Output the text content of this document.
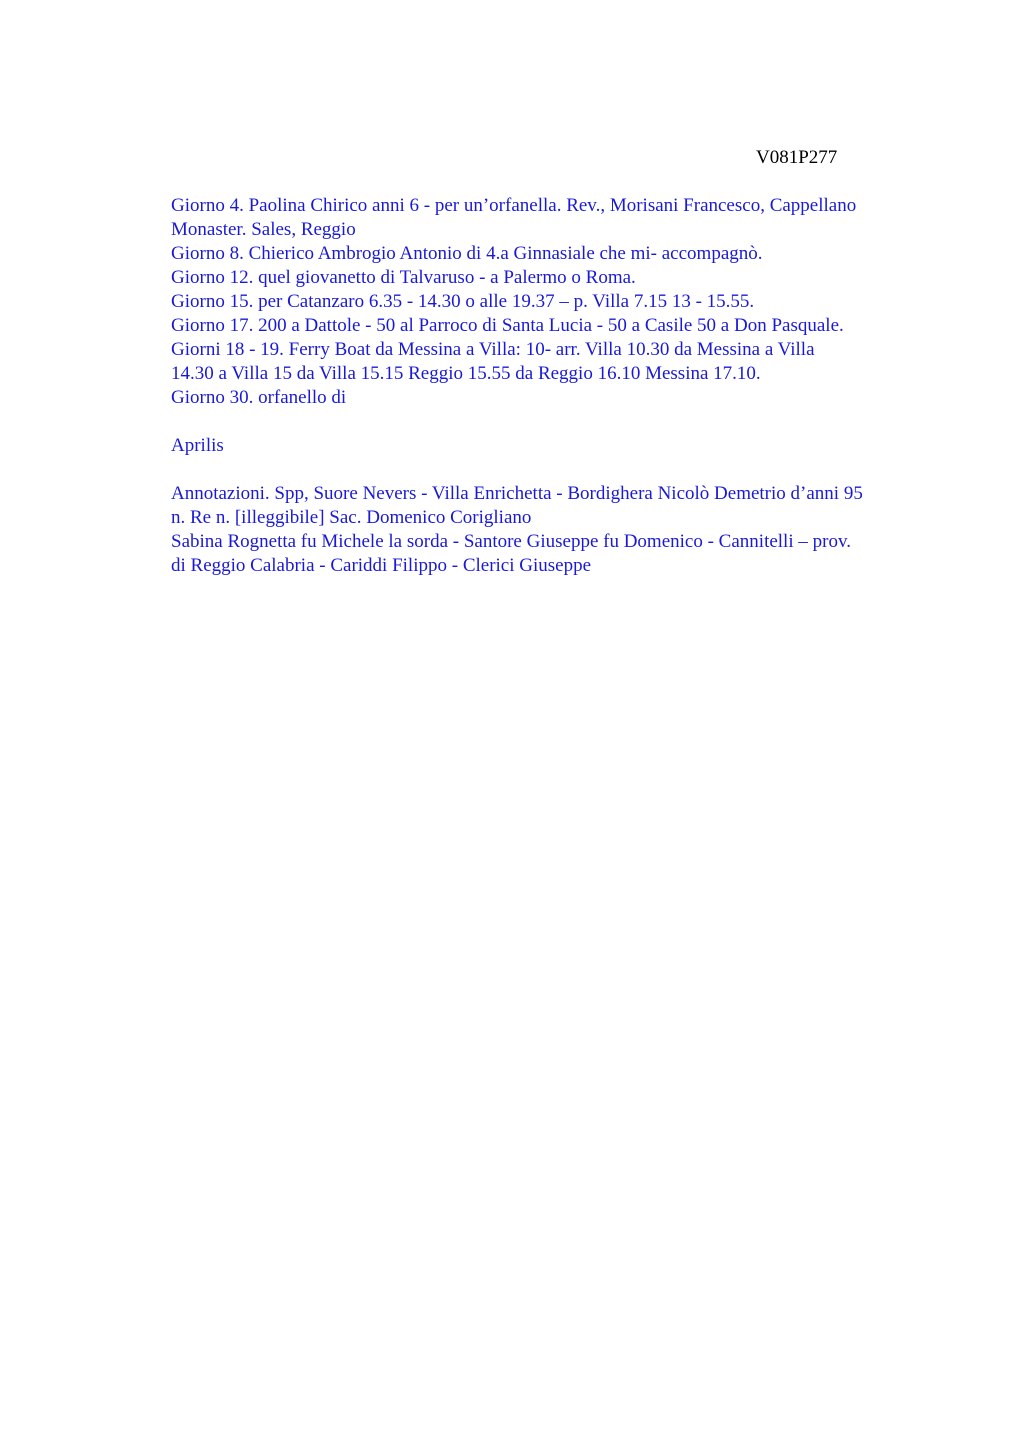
V081P277
Giorno 4. Paolina Chirico anni 6 - per un’orfanella. Rev., Morisani Francesco, Cappellano
Monaster. Sales, Reggio
Giorno 8. Chierico Ambrogio Antonio di 4.a Ginnasiale che mi- accompagnò.
Giorno 12. quel giovanetto di Talvaruso - a Palermo o Roma.
Giorno 15. per Catanzaro 6.35 - 14.30 o alle 19.37 – p. Villa 7.15 13 - 15.55.
Giorno 17. 200 a Dattole - 50 al Parroco di Santa Lucia - 50 a Casile 50 a Don Pasquale.
Giorni 18 - 19. Ferry Boat da Messina a Villa: 10- arr. Villa 10.30 da Messina a Villa
14.30 a Villa 15 da Villa 15.15 Reggio 15.55 da Reggio 16.10 Messina 17.10.
Giorno 30. orfanello di
Aprilis
Annotazioni. Spp, Suore Nevers - Villa Enrichetta - Bordighera Nicolò Demetrio d’anni 95
n. Re n. [illeggibile] Sac. Domenico Corigliano
Sabina Rognetta fu Michele la sorda - Santore Giuseppe fu Domenico - Cannitelli – prov.
di Reggio Calabria - Cariddi Filippo - Clerici Giuseppe
